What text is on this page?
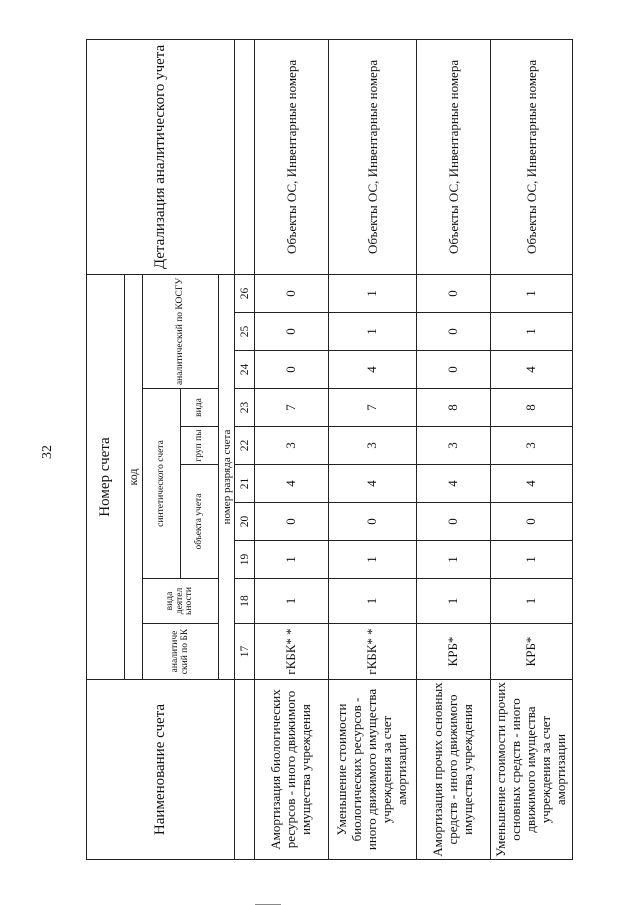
32
Наименование счета	Номер счета										Детализация аналитического учета
	код										
	аналитиче ский по БК	вида деятел ьности	синтетического счета					аналитический по КОСГУ			
			объекта учета			груп пы	вида				
	номер разряда счета										
	17	18	19	20	21	22	23	24	25	26	
Амортизация биологических ресурсов - иного движимого имущества учреждения	гКБК* *	1	1	0	4	3	7	0	0	0	Объекты ОС, Инвентарные номера
Уменьшение стоимости биологических ресурсов - иного движимого имущества учреждения за счет амортизации	гКБК* *	1	1	0	4	3	7	4	1	1	Объекты ОС, Инвентарные номера
Амортизация прочих основных средств - иного движимого имущества учреждения	КРБ*	1	1	0	4	3	8	0	0	0	Объекты ОС, Инвентарные номера
Уменьшение стоимости прочих основных средств - иного движимого имущества учреждения за счет амортизации	КРБ*	1	1	0	4	3	8	4	1	1	Объекты ОС, Инвентарные номера
